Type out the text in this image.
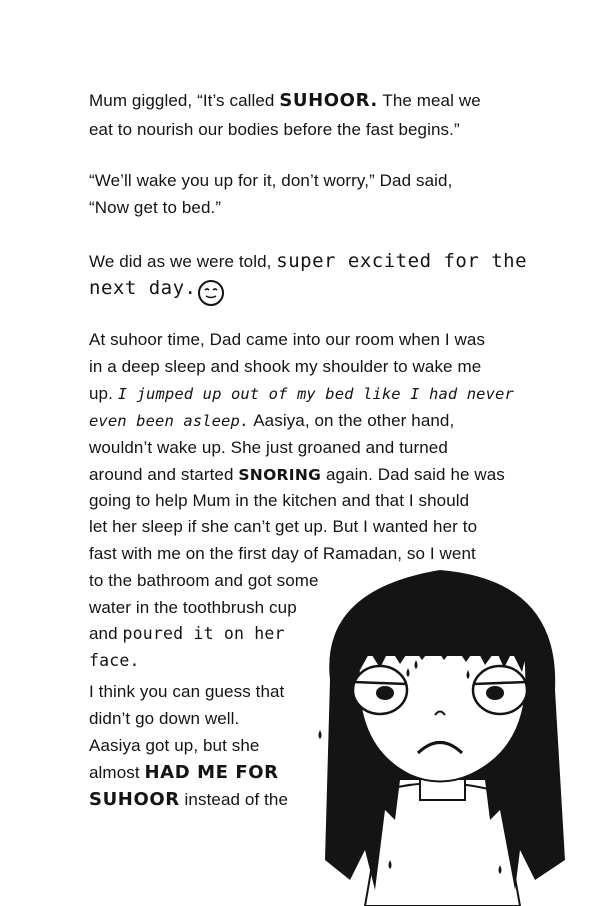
Mum giggled, “It’s called SUHOOR. The meal we
eat to nourish our bodies before the fast begins.”
“We’ll wake you up for it, don’t worry,” Dad said,
“Now get to bed.”
We did as we were told, super excited for the
next day.
At suhoor time, Dad came into our room when I was
in a deep sleep and shook my shoulder to wake me
up. I jumped up out of my bed like I had never
even been asleep. Aasiya, on the other hand,
wouldn’t wake up. She just groaned and turned
around and started SNORING again. Dad said he was
going to help Mum in the kitchen and that I should
let her sleep if she can’t get up. But I wanted her to
fast with me on the first day of Ramadan, so I went
to the bathroom and got some
water in the toothbrush cup
and poured it on her
face.
I think you can guess that
didn’t go down well.
Aasiya got up, but she
almost HAD ME FOR
SUHOOR instead of the
